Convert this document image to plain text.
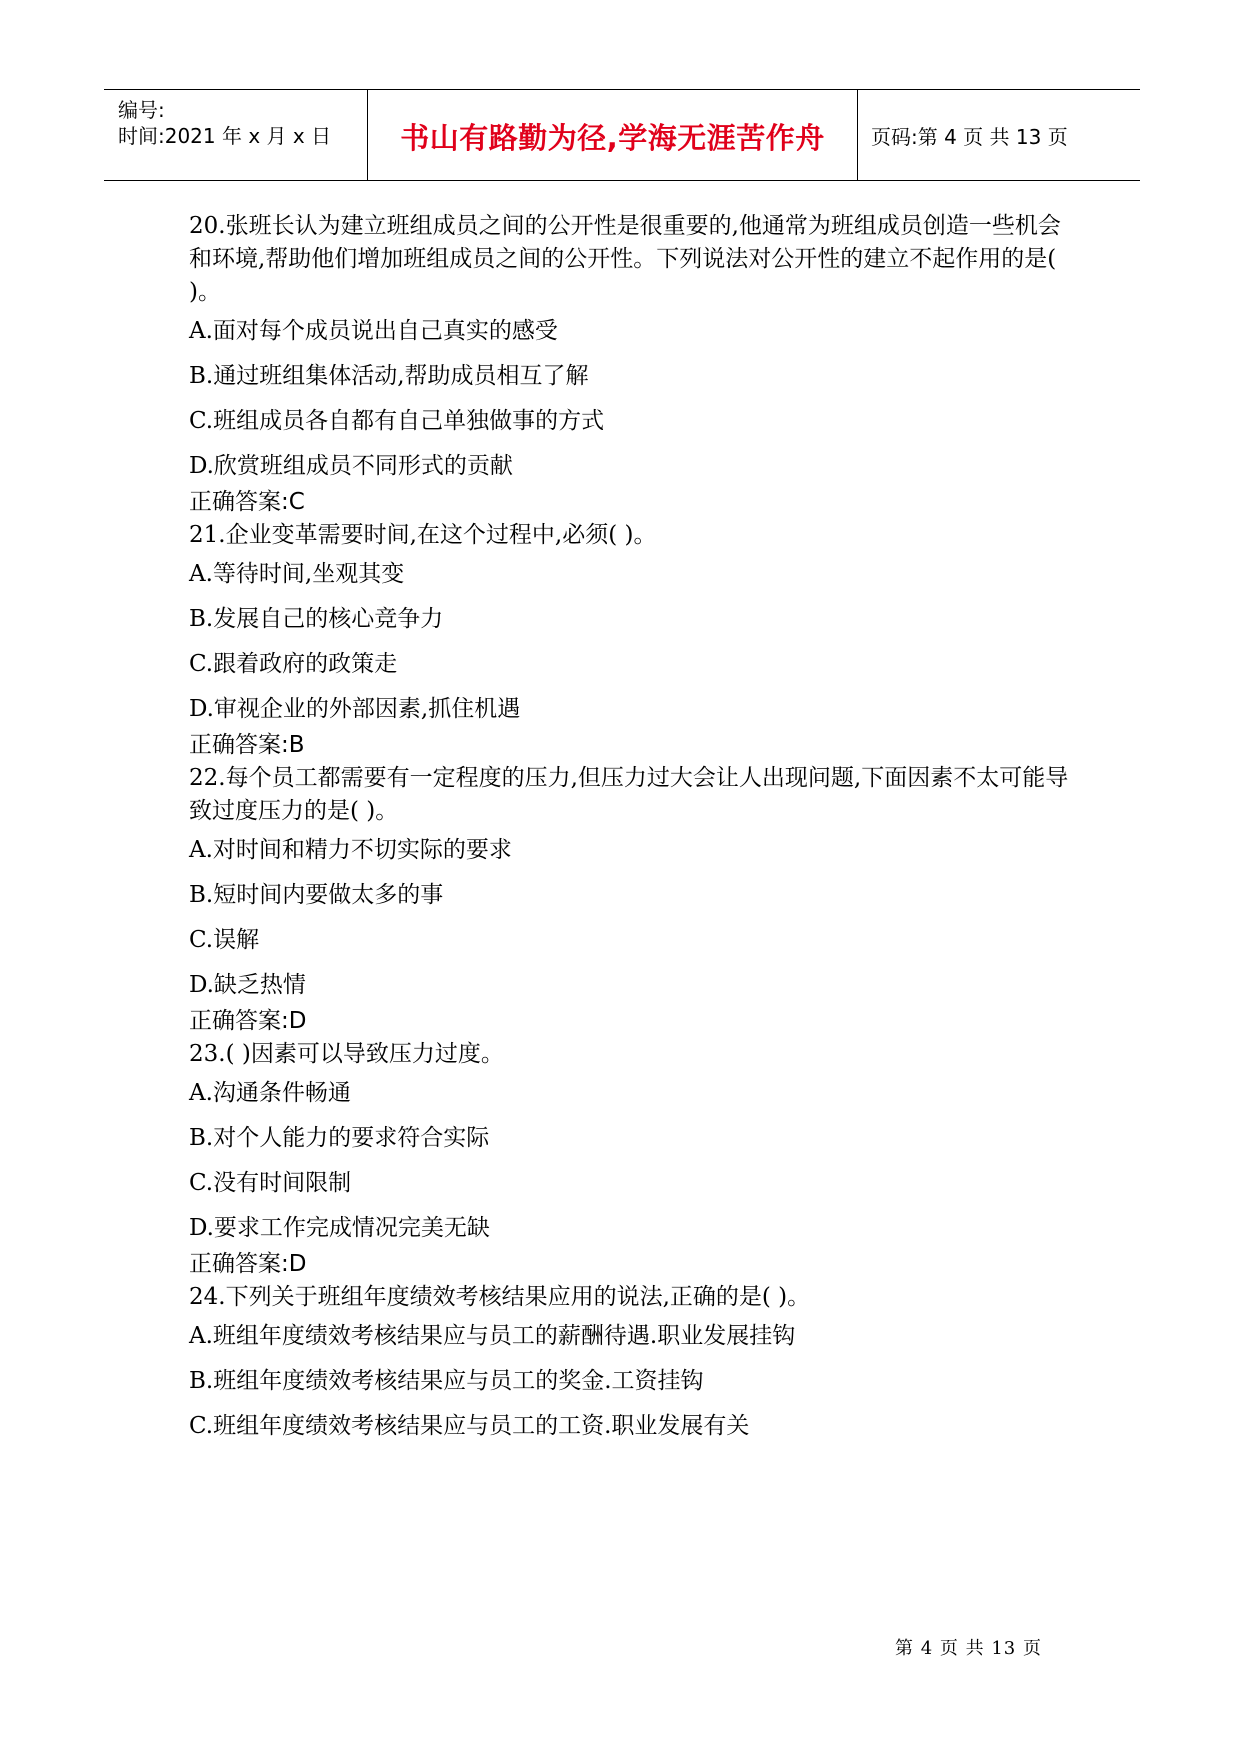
编号:
时间:2021 年 x 月 x 日 书山有路勤为径,学海无涯苦作舟 页码:第 4 页 共 13 页

20.张班长认为建立班组成员之间的公开性是很重要的,他通常为班组成员创造一些机会和环境,帮助他们增加班组成员之间的公开性。下列说法对公开性的建立不起作用的是( )。

A.面对每个成员说出自己真实的感受

B.通过班组集体活动,帮助成员相互了解

C.班组成员各自都有自己单独做事的方式

D.欣赏班组成员不同形式的贡献

正确答案:C

21.企业变革需要时间,在这个过程中,必须( )。

A.等待时间,坐观其变

B.发展自己的核心竞争力

C.跟着政府的政策走

D.审视企业的外部因素,抓住机遇

正确答案:B

22.每个员工都需要有一定程度的压力,但压力过大会让人出现问题,下面因素不太可能导致过度压力的是( )。

A.对时间和精力不切实际的要求

B.短时间内要做太多的事

C.误解

D.缺乏热情

正确答案:D

23.( )因素可以导致压力过度。

A.沟通条件畅通

B.对个人能力的要求符合实际

C.没有时间限制

D.要求工作完成情况完美无缺

正确答案:D

24.下列关于班组年度绩效考核结果应用的说法,正确的是( )。

A.班组年度绩效考核结果应与员工的薪酬待遇.职业发展挂钩

B.班组年度绩效考核结果应与员工的奖金.工资挂钩

C.班组年度绩效考核结果应与员工的工资.职业发展有关

第 4 页 共 13 页
